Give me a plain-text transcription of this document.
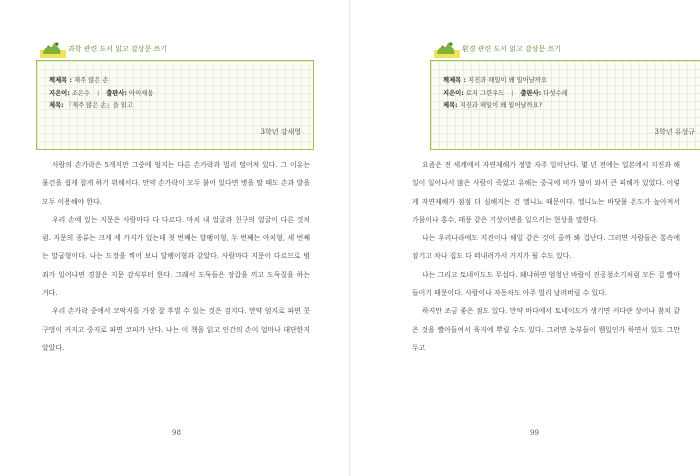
과학 관련 도서 읽고 감상문 쓰기
책제목 : 재주 많은 손
지은이: 조은수 | 출판사: 아이세움
제목: 『재주 많은 손』을 읽고
3학년 강새영

사람의 손가락은 5개지만 그중에 엄지는 다른 손가락과 멀리 떨어져 있다. 그 이유는 물건을 쉽게 잡게 하기 위해서다. 만약 손가락이 모두 붙어 있다면 병을 딸 때도 손과 발을 모두 이용해야 한다.

우리 손에 있는 지문은 사람마다 다 다르다. 마치 내 얼굴과 친구의 얼굴이 다른 것처럼. 지문의 종류는 크게 세 가지가 있는데 첫 번째는 달팽이형, 두 번째는 아치형, 세 번째는 말굽형이다. 나는 도장을 찍어 보니 달팽이형과 같았다. 사람마다 지문이 다르므로 범죄가 일어나면 경찰은 지문 감식부터 한다. 그래서 도둑들은 장갑을 끼고 도둑질을 하는 거다.

우리 손가락 중에서 코딱지를 가장 잘 후벌 수 있는 것은 검지다. 만약 엄지로 파면 콧구멍이 커지고 중지로 파면 코피가 난다. 나는 이 책을 읽고 인간의 손이 얼마나 대단한지 알았다.

98
환경 관련 도서 읽고 감상문 쓰기
책제목 : 지진과 해일이 왜 일어날까요
지은이: 로지 그린우드 | 출판사: 다섯수레
제목: 지진과 해일이 왜 일어날까요?
3학년 유성규

요즘은 전 세계에서 자연재해가 정말 자주 일어난다. 몇 년 전에는 일본에서 지진과 해일이 일어나서 많은 사람이 죽었고 유해는 중국에 비가 많이 와서 큰 피해가 있었다. 이렇게 자연재해가 점점 더 심해지는 건 엘니뇨 때문이다. 엘니뇨는 바닷물 온도가 높아져서 가뭄이나 홍수, 태풍 같은 기상이변을 일으키는 현상을 말한다.

나는 우리나라에도 지진이나 해일 같은 것이 올까 봐 겁난다. 그러면 사람들은 통속에 잠기고 차나 집도 다 떠내려가서 거지가 될 수도 있다.

나는 그리고 토네이도도 무섭다. 왜냐하면 엄청난 바람이 진공청소기처럼 모든 걸 빨아들이기 때문이다. 사람이나 자동차도 아주 멀리 날려버릴 수 있다.

하지만 조금 좋은 점도 있다. 만약 바다에서 토네이도가 생기면 커다란 상어나 참치 같은 것을 빨아들여서 육지에 뿌릴 수도 있다. 그러면 농부들이 웬일인가 하면서 있도 그만두고

99
